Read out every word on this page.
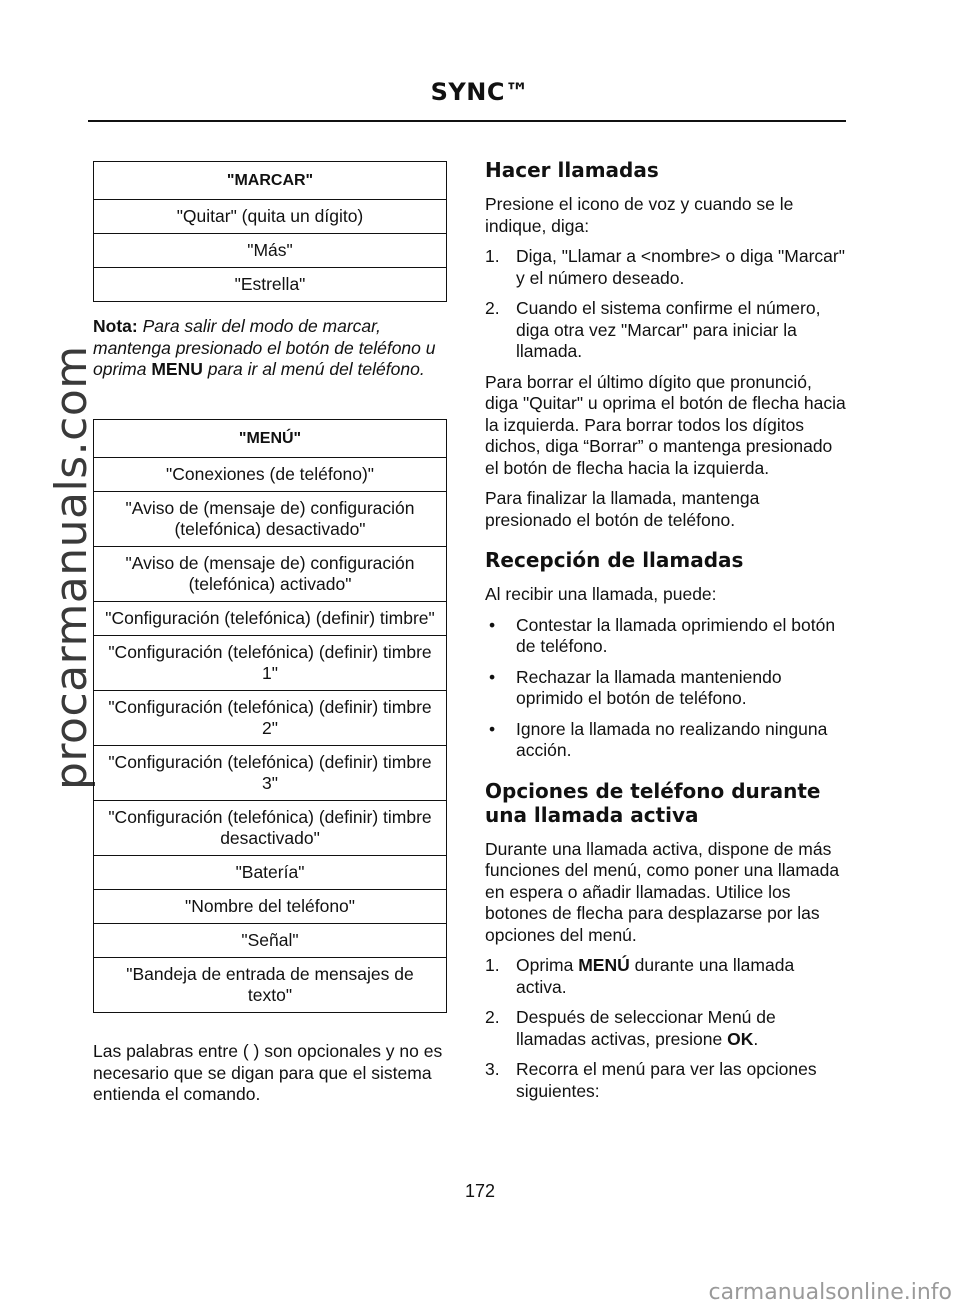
procarmanuals.com
SYNC™
"MARCAR"
"Quitar" (quita un dígito)
"Más"
"Estrella"
Nota: Para salir del modo de marcar, mantenga presionado el botón de teléfono u oprima MENU para ir al menú del teléfono.
"MENÚ"
"Conexiones (de teléfono)"
"Aviso de (mensaje de) configuración (telefónica) desactivado"
"Aviso de (mensaje de) configuración (telefónica) activado"
"Configuración (telefónica) (definir) timbre"
"Configuración (telefónica) (definir) timbre 1"
"Configuración (telefónica) (definir) timbre 2"
"Configuración (telefónica) (definir) timbre 3"
"Configuración (telefónica) (definir) timbre desactivado"
"Batería"
"Nombre del teléfono"
"Señal"
"Bandeja de entrada de mensajes de texto"
Las palabras entre ( ) son opcionales y no es necesario que se digan para que el sistema entienda el comando.
Hacer llamadas

Presione el icono de voz y cuando se le indique, diga:

1. Diga, "Llamar a <nombre> o diga "Marcar" y el número deseado.
2. Cuando el sistema confirme el número, diga otra vez "Marcar" para iniciar la llamada.

Para borrar el último dígito que pronunció, diga "Quitar" u oprima el botón de flecha hacia la izquierda. Para borrar todos los dígitos dichos, diga “Borrar” o mantenga presionado el botón de flecha hacia la izquierda.

Para finalizar la llamada, mantenga presionado el botón de teléfono.

Recepción de llamadas

Al recibir una llamada, puede:

• Contestar la llamada oprimiendo el botón de teléfono.
• Rechazar la llamada manteniendo oprimido el botón de teléfono.
• Ignore la llamada no realizando ninguna acción.
Opciones de teléfono durante una llamada activa

Durante una llamada activa, dispone de más funciones del menú, como poner una llamada en espera o añadir llamadas. Utilice los botones de flecha para desplazarse por las opciones del menú.

1. Oprima MENÚ durante una llamada activa.
2. Después de seleccionar Menú de llamadas activas, presione OK.
3. Recorra el menú para ver las opciones siguientes:
172
carmanualsonline.info
